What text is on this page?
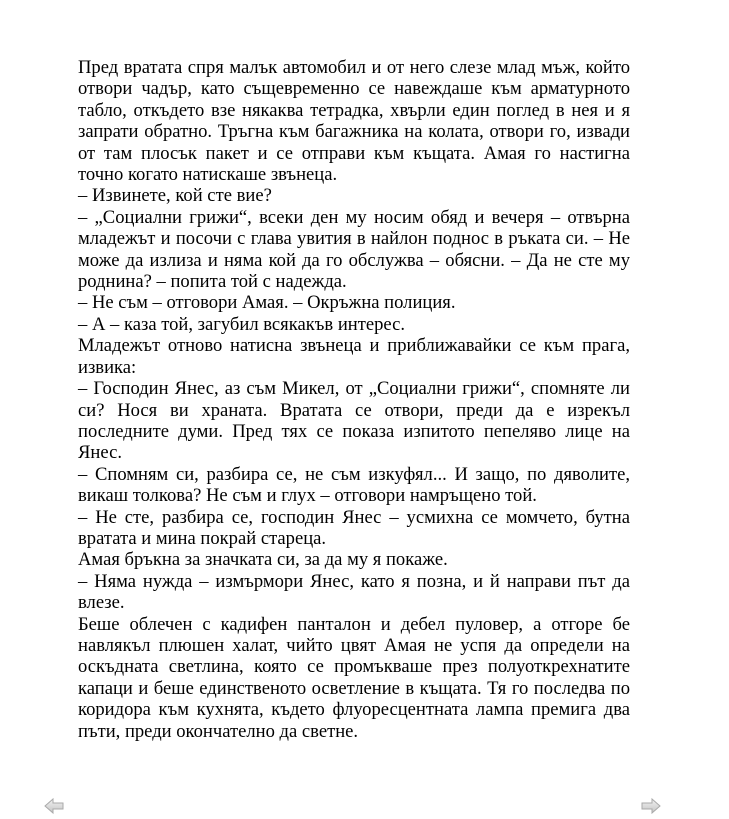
Пред вратата спря малък автомобил и от него слезе млад мъж, който отвори чадър, като същевременно се навеждаше към арматурното табло, откъдето взе някаква тетрадка, хвърли един поглед в нея и я запрати обратно. Тръгна към багажника на колата, отвори го, извади от там плосък пакет и се отправи към къщата. Амая го настигна точно когато натискаше звънеца.

– Извинете, кой сте вие?

– „Социални грижи“, всеки ден му носим обяд и вечеря – отвърна младежът и посочи с глава увития в найлон поднос в ръката си. – Не може да излиза и няма кой да го обслужва – обясни. – Да не сте му роднина? – попита той с надежда.

– Не съм – отговори Амая. – Окръжна полиция.

– А – каза той, загубил всякакъв интерес.

Младежът отново натисна звънеца и приближавайки се към прага, извика:

– Господин Янес, аз съм Микел, от „Социални грижи“, спомняте ли си? Нося ви храната. Вратата се отвори, преди да е изрекъл последните думи. Пред тях се показа изпитото пепеляво лице на Янес.

– Спомням си, разбира се, не съм изкуфял... И защо, по дяволите, викаш толкова? Не съм и глух – отговори намръщено той.

– Не сте, разбира се, господин Янес – усмихна се момчето, бутна вратата и мина покрай стареца.

Амая бръкна за значката си, за да му я покаже.

– Няма нужда – измърмори Янес, като я позна, и й направи път да влезе.

Беше облечен с кадифен панталон и дебел пуловер, а отгоре бе навлякъл плюшен халат, чийто цвят Амая не успя да определи на оскъдната светлина, която се промъкваше през полуоткрехнатите капаци и беше единственото осветление в къщата. Тя го последва по коридора към кухнята, където флуоресцентната лампа премига два пъти, преди окончателно да светне.
